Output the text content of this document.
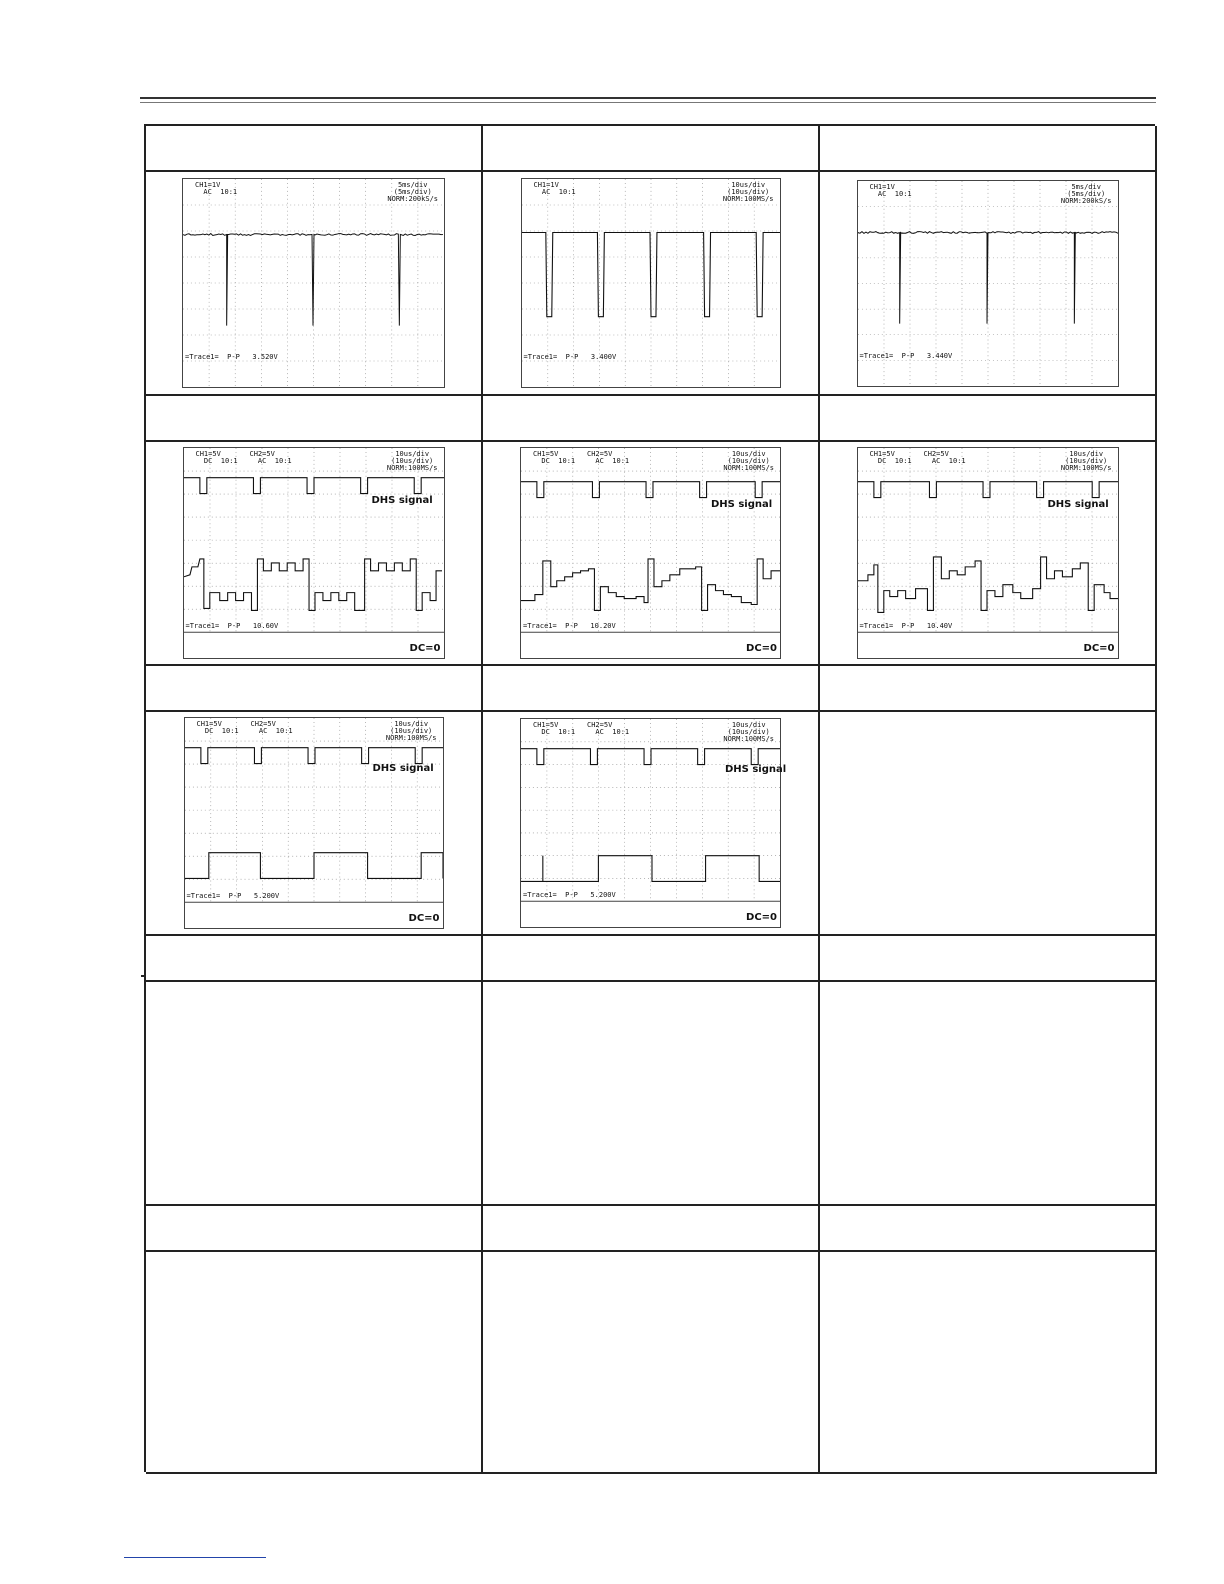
CH1=1V
AC  10:1
5ms/div
(5ms/div)
NORM:200kS/s
=Trace1=  P-P   3.520V
CH1=1V
AC  10:1
10us/div
(10us/div)
NORM:100MS/s
=Trace1=  P-P   3.400V
CH1=1V
AC  10:1
5ms/div
(5ms/div)
NORM:200kS/s
=Trace1=  P-P   3.440V
CH1=5V
DC  10:1
CH2=5V
AC  10:1
10us/div
(10us/div)
NORM:100MS/s
DHS signal
=Trace1=  P-P   10.60V
DC=0
CH1=5V
DC  10:1
CH2=5V
AC  10:1
10us/div
(10us/div)
NORM:100MS/s
DHS signal
=Trace1=  P-P   10.20V
DC=0
CH1=5V
DC  10:1
CH2=5V
AC  10:1
10us/div
(10us/div)
NORM:100MS/s
DHS signal
=Trace1=  P-P   10.40V
DC=0
CH1=5V
DC  10:1
CH2=5V
AC  10:1
10us/div
(10us/div)
NORM:100MS/s
DHS signal
=Trace1=  P-P   5.200V
DC=0
CH1=5V
DC  10:1
CH2=5V
AC  10:1
10us/div
(10us/div)
NORM:100MS/s
DHS signal
=Trace1=  P-P   5.200V
DC=0
